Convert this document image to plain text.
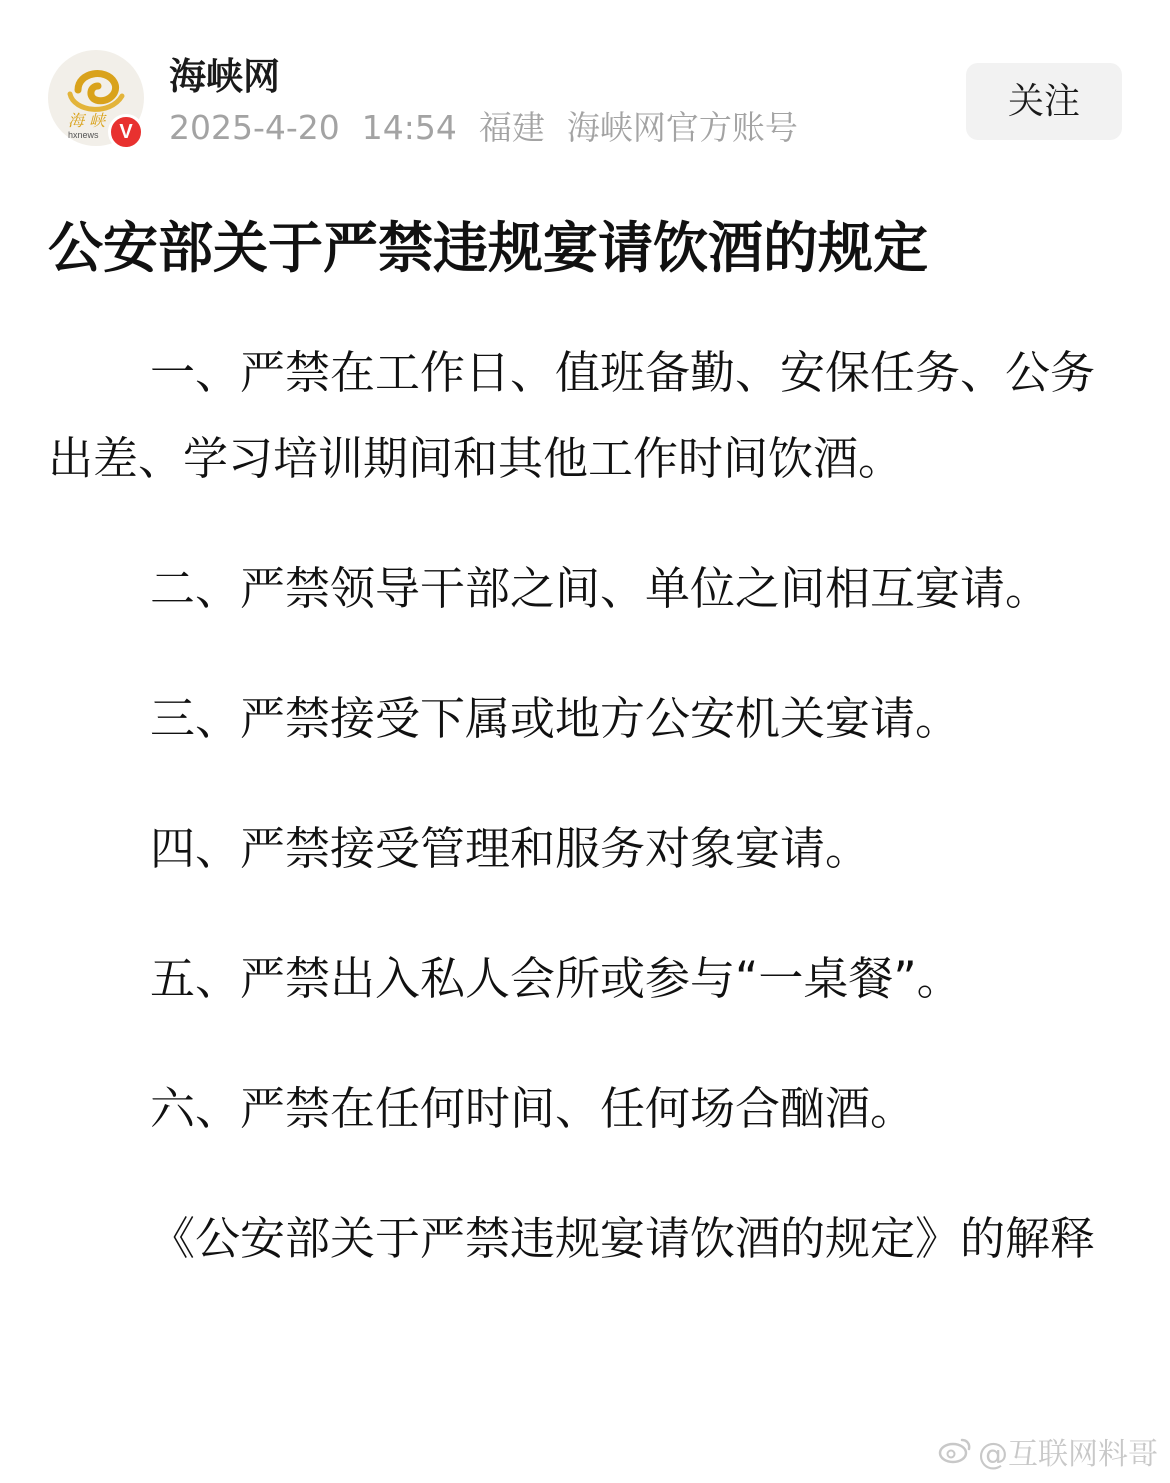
海 峡
hxnews	V
海峡网
2025-4-20 14:54 福建 海峡网官方账号
关注
公安部关于严禁违规宴请饮酒的规定

一、严禁在工作日、值班备勤、安保任务、公务出差、学习培训期间和其他工作时间饮酒。

二、严禁领导干部之间、单位之间相互宴请。

三、严禁接受下属或地方公安机关宴请。

四、严禁接受管理和服务对象宴请。

五、严禁出入私人会所或参与“一桌餐”。

六、严禁在任何时间、任何场合酗酒。

《公安部关于严禁违规宴请饮酒的规定》的解释

@互联网料哥
